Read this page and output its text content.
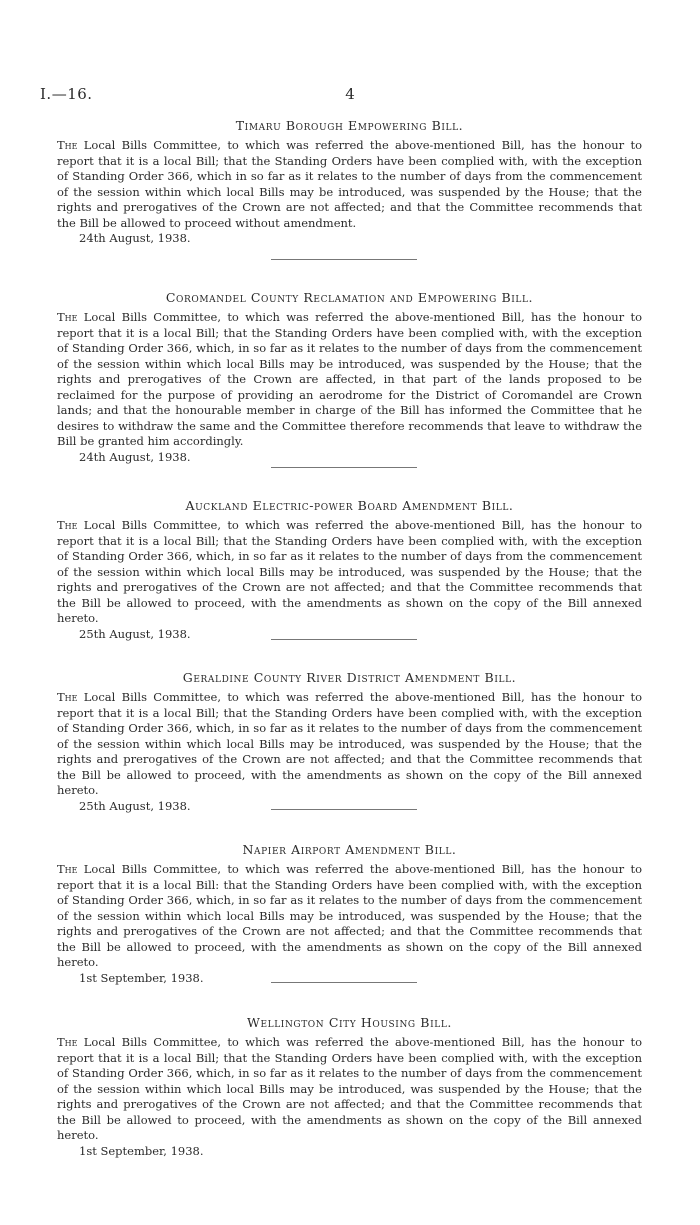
I.—16.	4
Timaru Borough Empowering Bill.

The Local Bills Committee, to which was referred the above-mentioned Bill, has the honour to report that it is a local Bill; that the Standing Orders have been complied with, with the exception of Standing Order 366, which in so far as it relates to the number of days from the commencement of the session within which local Bills may be introduced, was suspended by the House; that the rights and prerogatives of the Crown are not affected; and that the Committee recommends that the Bill be allowed to proceed without amendment.

24th August, 1938.

Coromandel County Reclamation and Empowering Bill.

The Local Bills Committee, to which was referred the above-mentioned Bill, has the honour to report that it is a local Bill; that the Standing Orders have been complied with, with the exception of Standing Order 366, which, in so far as it relates to the number of days from the commencement of the session within which local Bills may be introduced, was suspended by the House; that the rights and prerogatives of the Crown are affected, in that part of the lands proposed to be reclaimed for the purpose of providing an aerodrome for the District of Coromandel are Crown lands; and that the honourable member in charge of the Bill has informed the Committee that he desires to withdraw the same and the Committee therefore recommends that leave to withdraw the Bill be granted him accordingly.

24th August, 1938.

Auckland Electric-power Board Amendment Bill.

The Local Bills Committee, to which was referred the above-mentioned Bill, has the honour to report that it is a local Bill; that the Standing Orders have been complied with, with the exception of Standing Order 366, which, in so far as it relates to the number of days from the commencement of the session within which local Bills may be introduced, was suspended by the House; that the rights and prerogatives of the Crown are not affected; and that the Committee recommends that the Bill be allowed to proceed, with the amendments as shown on the copy of the Bill annexed hereto.

25th August, 1938.

Geraldine County River District Amendment Bill.

The Local Bills Committee, to which was referred the above-mentioned Bill, has the honour to report that it is a local Bill; that the Standing Orders have been complied with, with the exception of Standing Order 366, which, in so far as it relates to the number of days from the commencement of the session within which local Bills may be introduced, was suspended by the House; that the rights and prerogatives of the Crown are not affected; and that the Committee recommends that the Bill be allowed to proceed, with the amendments as shown on the copy of the Bill annexed hereto.

25th August, 1938.

Napier Airport Amendment Bill.

The Local Bills Committee, to which was referred the above-mentioned Bill, has the honour to report that it is a local Bill: that the Standing Orders have been complied with, with the exception of Standing Order 366, which, in so far as it relates to the number of days from the commencement of the session within which local Bills may be introduced, was suspended by the House; that the rights and prerogatives of the Crown are not affected; and that the Committee recommends that the Bill be allowed to proceed, with the amendments as shown on the copy of the Bill annexed hereto.

1st September, 1938.

Wellington City Housing Bill.

The Local Bills Committee, to which was referred the above-mentioned Bill, has the honour to report that it is a local Bill; that the Standing Orders have been complied with, with the exception of Standing Order 366, which, in so far as it relates to the number of days from the commencement of the session within which local Bills may be introduced, was suspended by the House; that the rights and prerogatives of the Crown are not affected; and that the Committee recommends that the Bill be allowed to proceed, with the amendments as shown on the copy of the Bill annexed hereto.

1st September, 1938.
